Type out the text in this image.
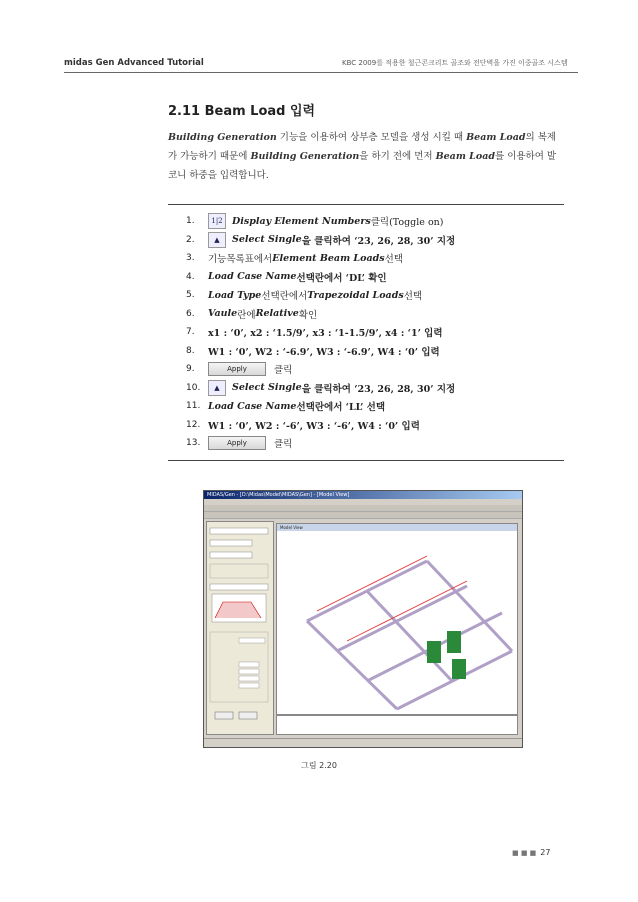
midas Gen Advanced Tutorial	KBC 2009를 적용한 철근콘크리트 골조와 전단벽을 가진 이중골조 시스템
2.11 Beam Load 입력
Building Generation 기능을 이용하여 상부층 모델을 생성 시킬 때 Beam Load의 복제가 가능하기 때문에 Building Generation을 하기 전에 먼저 Beam Load를 이용하여 발코니 하중을 입력합니다.
1.	1|2 Display Element Numbers 클릭(Toggle on)
2.	▲	Select Single 을 클릭하여 ‘23, 26, 28, 30’ 지정
3.	기능목록표에서 Element Beam Loads 선택
4.	Load Case Name 선택란에서 ‘DL’ 확인
5.	Load Type 선택란에서 Trapezoidal Loads 선택
6.	Vaule 란에 Relative 확인
7.	x1 : ‘0’, x2 : ‘1.5/9’, x3 : ‘1-1.5/9’, x4 : ‘1’ 입력
8.	W1 : ‘0’, W2 : ‘-6.9’, W3 : ‘-6.9’, W4 : ‘0’ 입력
9.	Apply	클릭
10.	▲	Select Single 을 클릭하여 ‘23, 26, 28, 30’ 지정
11. Load Case Name 선택란에서 ‘LL’ 선택
12. W1 : ‘0’, W2 : ‘-6’, W3 : ‘-6’, W4 : ‘0’ 입력
13.	Apply	클릭
MIDAS/Gen - [D:\Midas\Model\MIDAS\Gen] - [Model View]
Model View
그림 2.20
■ ■ ■ 27
